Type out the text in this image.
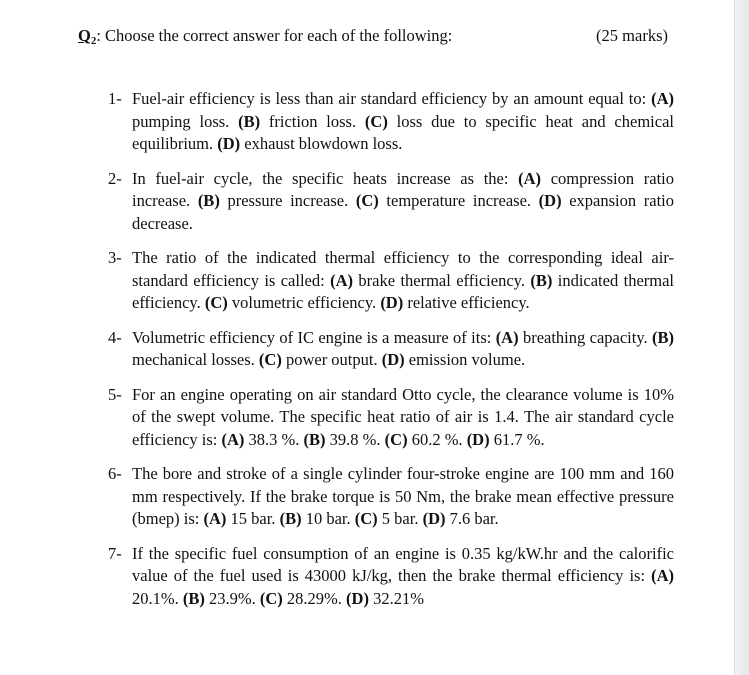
Q2: Choose the correct answer for each of the following:	(25 marks)
1- Fuel-air efficiency is less than air standard efficiency by an amount equal to: (A) pumping loss. (B) friction loss. (C) loss due to specific heat and chemical equilibrium. (D) exhaust blowdown loss.
2- In fuel-air cycle, the specific heats increase as the: (A) compression ratio increase. (B) pressure increase. (C) temperature increase. (D) expansion ratio decrease.
3- The ratio of the indicated thermal efficiency to the corresponding ideal air-standard efficiency is called: (A) brake thermal efficiency. (B) indicated thermal efficiency. (C) volumetric efficiency. (D) relative efficiency.
4- Volumetric efficiency of IC engine is a measure of its: (A) breathing capacity. (B) mechanical losses. (C) power output. (D) emission volume.
5- For an engine operating on air standard Otto cycle, the clearance volume is 10% of the swept volume. The specific heat ratio of air is 1.4. The air standard cycle efficiency is: (A) 38.3 %. (B) 39.8 %. (C) 60.2 %. (D) 61.7 %.
6- The bore and stroke of a single cylinder four-stroke engine are 100 mm and 160 mm respectively. If the brake torque is 50 Nm, the brake mean effective pressure (bmep) is: (A) 15 bar. (B) 10 bar. (C) 5 bar. (D) 7.6 bar.
7- If the specific fuel consumption of an engine is 0.35 kg/kW.hr and the calorific value of the fuel used is 43000 kJ/kg, then the brake thermal efficiency is: (A) 20.1%. (B) 23.9%. (C) 28.29%. (D) 32.21%
